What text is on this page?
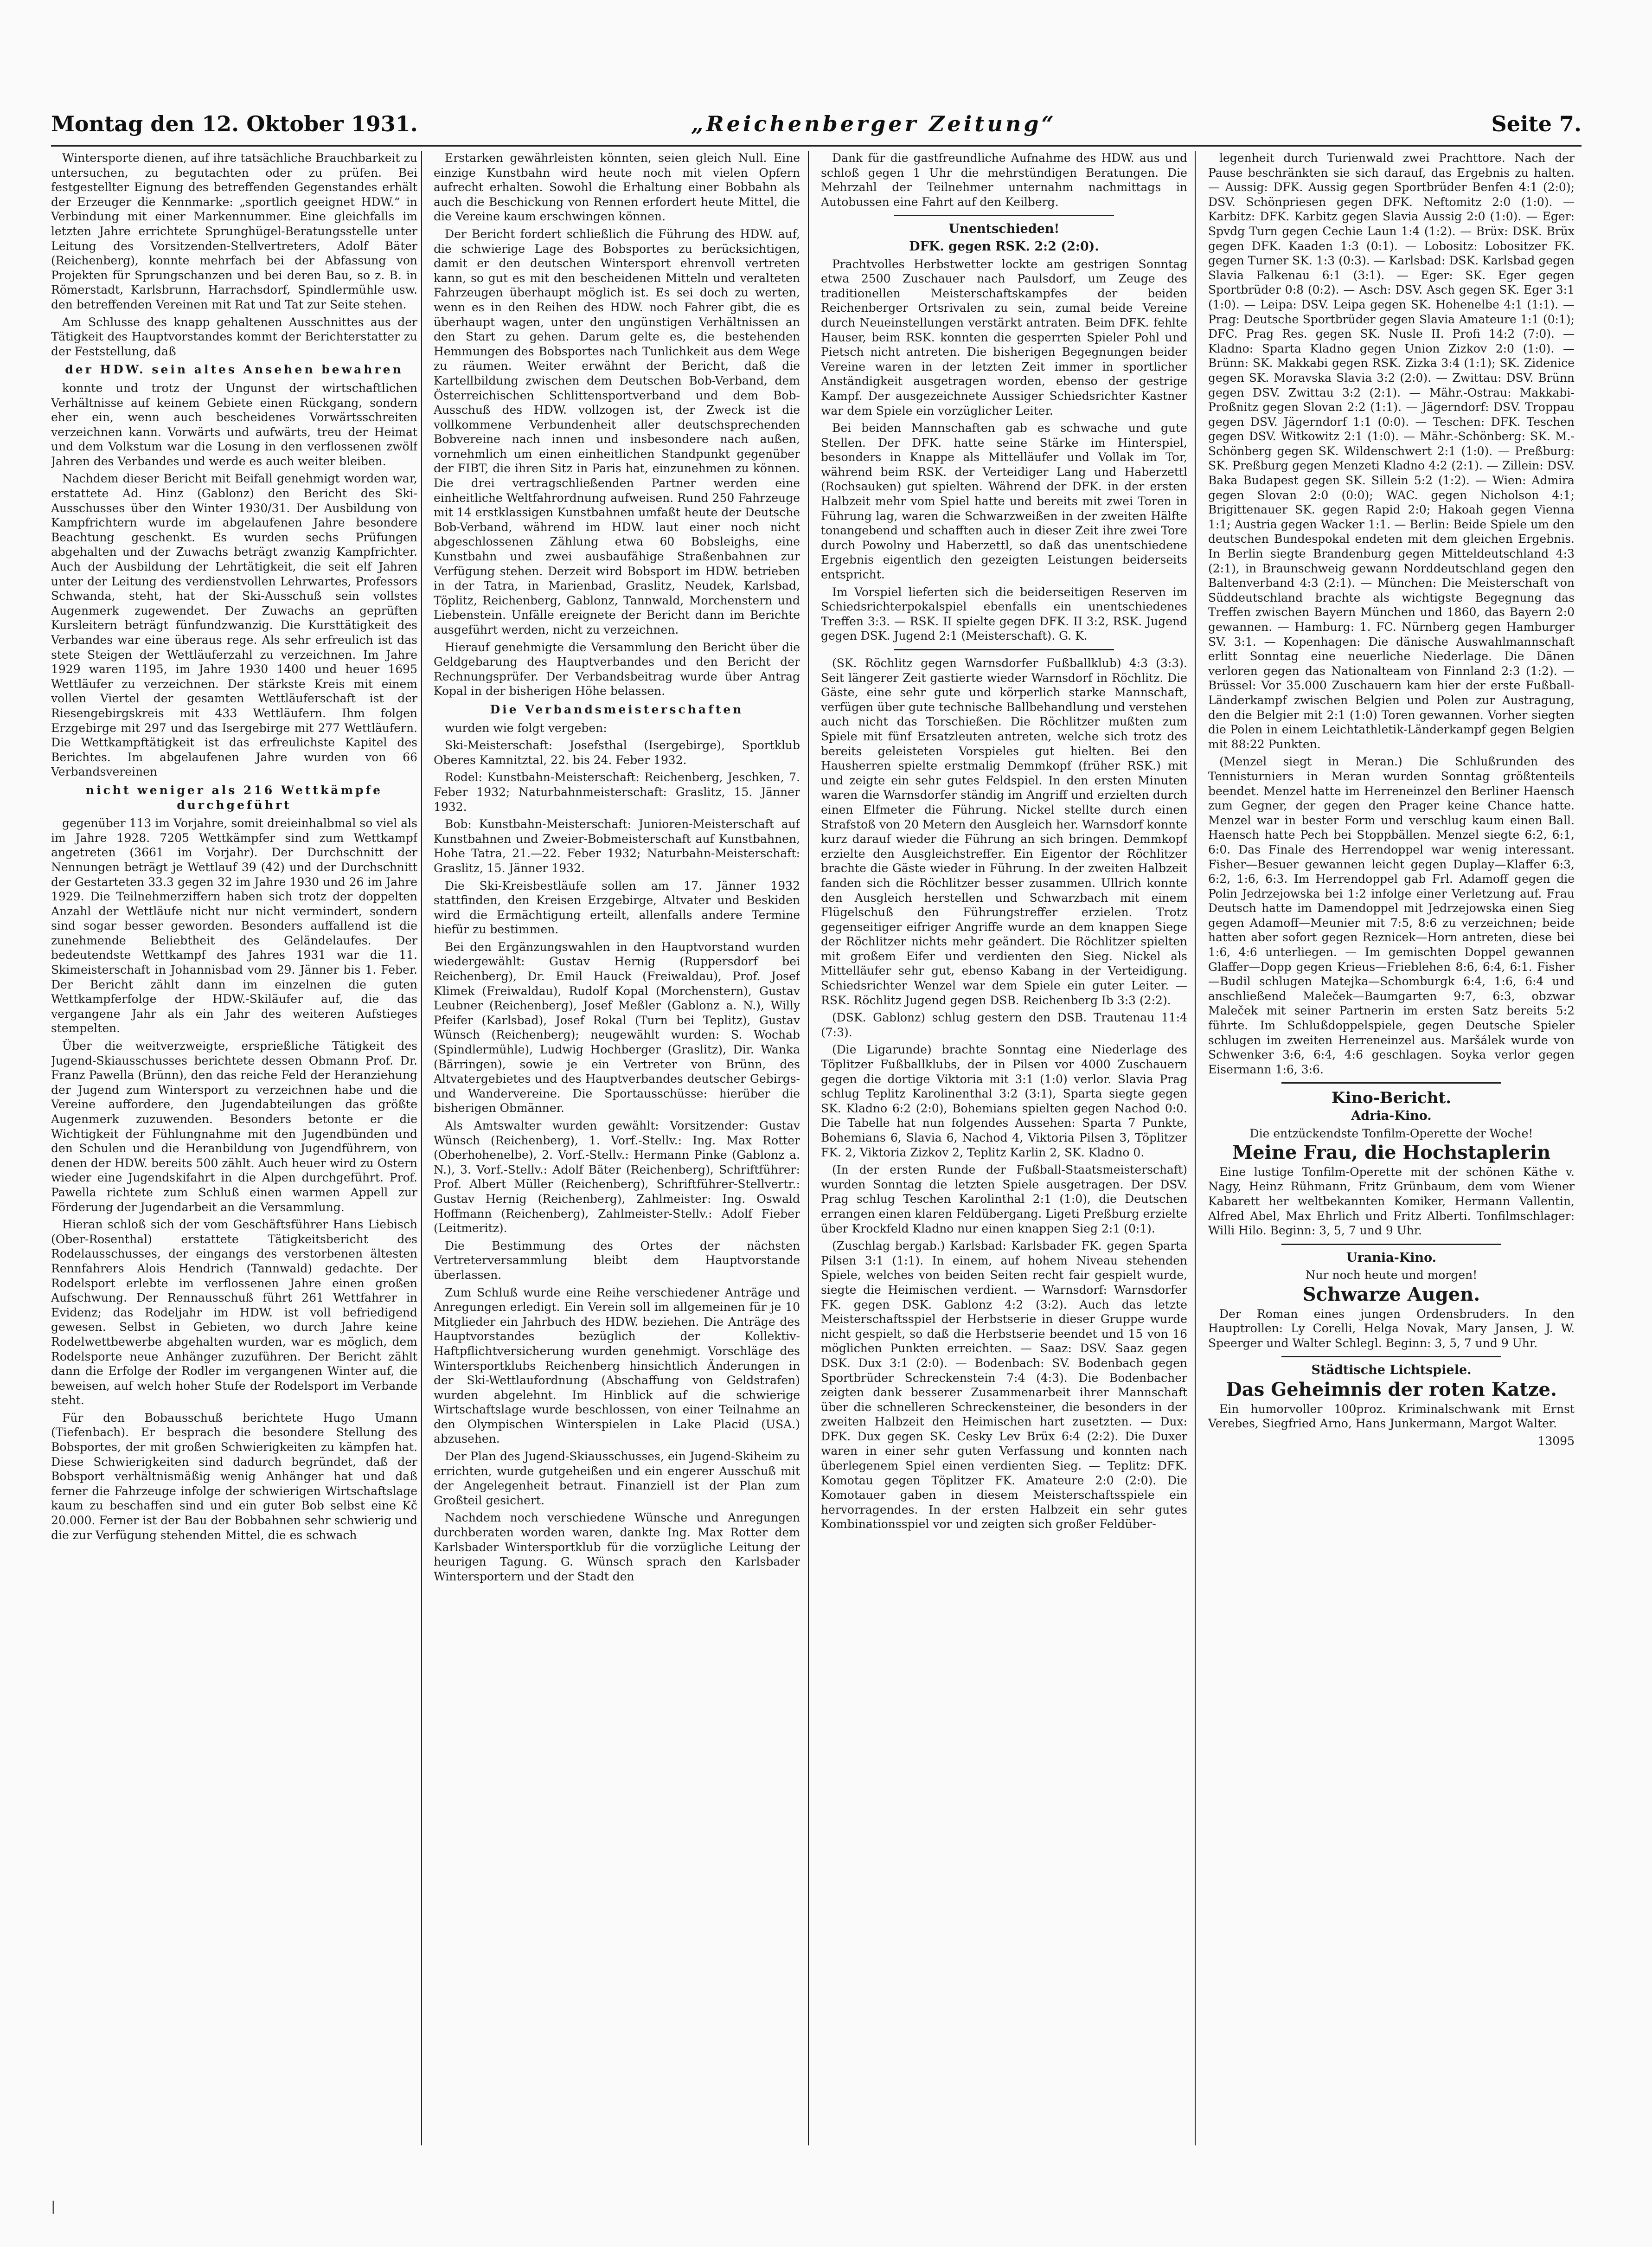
Montag den 12. Oktober 1931.	„Reichenberger Zeitung“	Seite 7.

Wintersporte dienen, auf ihre tatsächliche Brauchbarkeit zu untersuchen, zu begutachten oder zu prüfen. Bei festgestellter Eignung des betreffenden Gegenstandes erhält der Erzeuger die Kennmarke: „sportlich geeignet HDW.“ in Verbindung mit einer Markennummer. Eine gleichfalls im letzten Jahre errichtete Sprunghügel-Beratungsstelle unter Leitung des Vorsitzenden-Stellvertreters, Adolf Bäter (Reichenberg), konnte mehrfach bei der Abfassung von Projekten für Sprungschanzen und bei deren Bau, so z. B. in Römerstadt, Karlsbrunn, Harrachsdorf, Spindlermühle usw. den betreffenden Vereinen mit Rat und Tat zur Seite stehen.

Am Schlusse des knapp gehaltenen Ausschnittes aus der Tätigkeit des Hauptvorstandes kommt der Berichterstatter zu der Feststellung, daß

der HDW. sein altes Ansehen bewahren

konnte und trotz der Ungunst der wirtschaftlichen Verhältnisse auf keinem Gebiete einen Rückgang, sondern eher ein, wenn auch bescheidenes Vorwärtsschreiten verzeichnen kann. Vorwärts und aufwärts, treu der Heimat und dem Volkstum war die Losung in den verflossenen zwölf Jahren des Verbandes und werde es auch weiter bleiben.

Nachdem dieser Bericht mit Beifall genehmigt worden war, erstattete Ad. Hinz (Gablonz) den Bericht des Ski-Ausschusses über den Winter 1930/31. Der Ausbildung von Kampfrichtern wurde im abgelaufenen Jahre besondere Beachtung geschenkt. Es wurden sechs Prüfungen abgehalten und der Zuwachs beträgt zwanzig Kampfrichter. Auch der Ausbildung der Lehrtätigkeit, die seit elf Jahren unter der Leitung des verdienstvollen Lehrwartes, Professors Schwanda, steht, hat der Ski-Ausschuß sein vollstes Augenmerk zugewendet. Der Zuwachs an geprüften Kursleitern beträgt fünfundzwanzig. Die Kursttätigkeit des Verbandes war eine überaus rege. Als sehr erfreulich ist das stete Steigen der Wettläuferzahl zu verzeichnen. Im Jahre 1929 waren 1195, im Jahre 1930 1400 und heuer 1695 Wettläufer zu verzeichnen. Der stärkste Kreis mit einem vollen Viertel der gesamten Wettläuferschaft ist der Riesengebirgskreis mit 433 Wettläufern. Ihm folgen Erzgebirge mit 297 und das Isergebirge mit 277 Wettläufern. Die Wettkampftätigkeit ist das erfreulichste Kapitel des Berichtes. Im abgelaufenen Jahre wurden von 66 Verbandsvereinen

nicht weniger als 216 Wettkämpfe durchgeführt

gegenüber 113 im Vorjahre, somit dreieinhalbmal so viel als im Jahre 1928. 7205 Wettkämpfer sind zum Wettkampf angetreten (3661 im Vorjahr). Der Durchschnitt der Nennungen beträgt je Wettlauf 39 (42) und der Durchschnitt der Gestarteten 33.3 gegen 32 im Jahre 1930 und 26 im Jahre 1929. Die Teilnehmerziffern haben sich trotz der doppelten Anzahl der Wettläufe nicht nur nicht vermindert, sondern sind sogar besser geworden. Besonders auffallend ist die zunehmende Beliebtheit des Geländelaufes. Der bedeutendste Wettkampf des Jahres 1931 war die 11. Skimeisterschaft in Johannisbad vom 29. Jänner bis 1. Feber. Der Bericht zählt dann im einzelnen die guten Wettkampferfolge der HDW.-Skiläufer auf, die das vergangene Jahr als ein Jahr des weiteren Aufstieges stempelten.

Über die weitverzweigte, ersprießliche Tätigkeit des Jugend-Skiausschusses berichtete dessen Obmann Prof. Dr. Franz Pawella (Brünn), den das reiche Feld der Heranziehung der Jugend zum Wintersport zu verzeichnen habe und die Vereine auffordere, den Jugendabteilungen das größte Augenmerk zuzuwenden. Besonders betonte er die Wichtigkeit der Fühlungnahme mit den Jugendbünden und den Schulen und die Heranbildung von Jugendführern, von denen der HDW. bereits 500 zählt. Auch heuer wird zu Ostern wieder eine Jugendskifahrt in die Alpen durchgeführt. Prof. Pawella richtete zum Schluß einen warmen Appell zur Förderung der Jugendarbeit an die Versammlung.

Hieran schloß sich der vom Geschäftsführer Hans Liebisch (Ober-Rosenthal) erstattete Tätigkeitsbericht des Rodelausschusses, der eingangs des verstorbenen ältesten Rennfahrers Alois Hendrich (Tannwald) gedachte. Der Rodelsport erlebte im verflossenen Jahre einen großen Aufschwung. Der Rennausschuß führt 261 Wettfahrer in Evidenz; das Rodeljahr im HDW. ist voll befriedigend gewesen. Selbst in Gebieten, wo durch Jahre keine Rodelwettbewerbe abgehalten wurden, war es möglich, dem Rodelsporte neue Anhänger zuzuführen. Der Bericht zählt dann die Erfolge der Rodler im vergangenen Winter auf, die beweisen, auf welch hoher Stufe der Rodelsport im Verbande steht.

Für den Bobausschuß berichtete Hugo Umann (Tiefenbach). Er besprach die besondere Stellung des Bobsportes, der mit großen Schwierigkeiten zu kämpfen hat. Diese Schwierigkeiten sind dadurch begründet, daß der Bobsport verhältnismäßig wenig Anhänger hat und daß ferner die Fahrzeuge infolge der schwierigen Wirtschaftslage kaum zu beschaffen sind und ein guter Bob selbst eine Kč 20.000. Ferner ist der Bau der Bobbahnen sehr schwierig und die zur Verfügung stehenden Mittel, die es schwach

Erstarken gewährleisten könnten, seien gleich Null. Eine einzige Kunstbahn wird heute noch mit vielen Opfern aufrecht erhalten. Sowohl die Erhaltung einer Bobbahn als auch die Beschickung von Rennen erfordert heute Mittel, die die Vereine kaum erschwingen können.

Der Bericht fordert schließlich die Führung des HDW. auf, die schwierige Lage des Bobsportes zu berücksichtigen, damit er den deutschen Wintersport ehrenvoll vertreten kann, so gut es mit den bescheidenen Mitteln und veralteten Fahrzeugen überhaupt möglich ist. Es sei doch zu werten, wenn es in den Reihen des HDW. noch Fahrer gibt, die es überhaupt wagen, unter den ungünstigen Verhältnissen an den Start zu gehen. Darum gelte es, die bestehenden Hemmungen des Bobsportes nach Tunlichkeit aus dem Wege zu räumen. Weiter erwähnt der Bericht, daß die Kartellbildung zwischen dem Deutschen Bob-Verband, dem Österreichischen Schlittensportverband und dem Bob-Ausschuß des HDW. vollzogen ist, der Zweck ist die vollkommene Verbundenheit aller deutschsprechenden Bobvereine nach innen und insbesondere nach außen, vornehmlich um einen einheitlichen Standpunkt gegenüber der FIBT, die ihren Sitz in Paris hat, einzunehmen zu können. Die drei vertragschließenden Partner werden eine einheitliche Weltfahrordnung aufweisen. Rund 250 Fahrzeuge mit 14 erstklassigen Kunstbahnen umfaßt heute der Deutsche Bob-Verband, während im HDW. laut einer noch nicht abgeschlossenen Zählung etwa 60 Bobsleighs, eine Kunstbahn und zwei ausbaufähige Straßenbahnen zur Verfügung stehen. Derzeit wird Bobsport im HDW. betrieben in der Tatra, in Marienbad, Graslitz, Neudek, Karlsbad, Töplitz, Reichenberg, Gablonz, Tannwald, Morchenstern und Liebenstein. Unfälle ereignete der Bericht dann im Berichte ausgeführt werden, nicht zu verzeichnen.

Hierauf genehmigte die Versammlung den Bericht über die Geldgebarung des Hauptverbandes und den Bericht der Rechnungsprüfer. Der Verbandsbeitrag wurde über Antrag Kopal in der bisherigen Höhe belassen.

Die Verbandsmeisterschaften

wurden wie folgt vergeben:

Ski-Meisterschaft: Josefsthal (Isergebirge), Sportklub Oberes Kamnitztal, 22. bis 24. Feber 1932.

Rodel: Kunstbahn-Meisterschaft: Reichenberg, Jeschken, 7. Feber 1932; Naturbahnmeisterschaft: Graslitz, 15. Jänner 1932.

Bob: Kunstbahn-Meisterschaft: Junioren-Meisterschaft auf Kunstbahnen und Zweier-Bobmeisterschaft auf Kunstbahnen, Hohe Tatra, 21.—22. Feber 1932; Naturbahn-Meisterschaft: Graslitz, 15. Jänner 1932.

Die Ski-Kreisbestläufe sollen am 17. Jänner 1932 stattfinden, den Kreisen Erzgebirge, Altvater und Beskiden wird die Ermächtigung erteilt, allenfalls andere Termine hiefür zu bestimmen.

Bei den Ergänzungswahlen in den Hauptvorstand wurden wiedergewählt: Gustav Hernig (Ruppersdorf bei Reichenberg), Dr. Emil Hauck (Freiwaldau), Prof. Josef Klimek (Freiwaldau), Rudolf Kopal (Morchenstern), Gustav Leubner (Reichenberg), Josef Meßler (Gablonz a. N.), Willy Pfeifer (Karlsbad), Josef Rokal (Turn bei Teplitz), Gustav Wünsch (Reichenberg); neugewählt wurden: S. Wochab (Spindlermühle), Ludwig Hochberger (Graslitz), Dir. Wanka (Bärringen), sowie je ein Vertreter von Brünn, des Altvatergebietes und des Hauptverbandes deutscher Gebirgs- und Wandervereine. Die Sportausschüsse: hierüber die bisherigen Obmänner.

Als Amtswalter wurden gewählt: Vorsitzender: Gustav Wünsch (Reichenberg), 1. Vorf.-Stellv.: Ing. Max Rotter (Oberhohenelbe), 2. Vorf.-Stellv.: Hermann Pinke (Gablonz a. N.), 3. Vorf.-Stellv.: Adolf Bäter (Reichenberg), Schriftführer: Prof. Albert Müller (Reichenberg), Schriftführer-Stellvertr.: Gustav Hernig (Reichenberg), Zahlmeister: Ing. Oswald Hoffmann (Reichenberg), Zahlmeister-Stellv.: Adolf Fieber (Leitmeritz).

Die Bestimmung des Ortes der nächsten Vertreterversammlung bleibt dem Hauptvorstande überlassen.

Zum Schluß wurde eine Reihe verschiedener Anträge und Anregungen erledigt. Ein Verein soll im allgemeinen für je 10 Mitglieder ein Jahrbuch des HDW. beziehen. Die Anträge des Hauptvorstandes bezüglich der Kollektiv-Haftpflichtversicherung wurden genehmigt. Vorschläge des Wintersportklubs Reichenberg hinsichtlich Änderungen in der Ski-Wettlaufordnung (Abschaffung von Geldstrafen) wurden abgelehnt. Im Hinblick auf die schwierige Wirtschaftslage wurde beschlossen, von einer Teilnahme an den Olympischen Winterspielen in Lake Placid (USA.) abzusehen.

Der Plan des Jugend-Skiausschusses, ein Jugend-Skiheim zu errichten, wurde gutgeheißen und ein engerer Ausschuß mit der Angelegenheit betraut. Finanziell ist der Plan zum Großteil gesichert.

Nachdem noch verschiedene Wünsche und Anregungen durchberaten worden waren, dankte Ing. Max Rotter dem Karlsbader Wintersportklub für die vorzügliche Leitung der heurigen Tagung. G. Wünsch sprach den Karlsbader Wintersportern und der Stadt den

Dank für die gastfreundliche Aufnahme des HDW. aus und schloß gegen 1 Uhr die mehrstündigen Beratungen. Die Mehrzahl der Teilnehmer unternahm nachmittags in Autobussen eine Fahrt auf den Keilberg.

Unentschieden!

DFK. gegen RSK. 2:2 (2:0).

Prachtvolles Herbstwetter lockte am gestrigen Sonntag etwa 2500 Zuschauer nach Paulsdorf, um Zeuge des traditionellen Meisterschaftskampfes der beiden Reichenberger Ortsrivalen zu sein, zumal beide Vereine durch Neueinstellungen verstärkt antraten. Beim DFK. fehlte Hauser, beim RSK. konnten die gesperrten Spieler Pohl und Pietsch nicht antreten. Die bisherigen Begegnungen beider Vereine waren in der letzten Zeit immer in sportlicher Anständigkeit ausgetragen worden, ebenso der gestrige Kampf. Der ausgezeichnete Aussiger Schiedsrichter Kastner war dem Spiele ein vorzüglicher Leiter.

Bei beiden Mannschaften gab es schwache und gute Stellen. Der DFK. hatte seine Stärke im Hinterspiel, besonders in Knappe als Mittelläufer und Vollak im Tor, während beim RSK. der Verteidiger Lang und Haberzettl (Rochsauken) gut spielten. Während der DFK. in der ersten Halbzeit mehr vom Spiel hatte und bereits mit zwei Toren in Führung lag, waren die Schwarzweißen in der zweiten Hälfte tonangebend und schafften auch in dieser Zeit ihre zwei Tore durch Powolny und Haberzettl, so daß das unentschiedene Ergebnis eigentlich den gezeigten Leistungen beiderseits entspricht.

Im Vorspiel lieferten sich die beiderseitigen Reserven im Schiedsrichterpokalspiel ebenfalls ein unentschiedenes Treffen 3:3. — RSK. II spielte gegen DFK. II 3:2, RSK. Jugend gegen DSK. Jugend 2:1 (Meisterschaft). G. K.

(SK. Röchlitz gegen Warnsdorfer Fußballklub) 4:3 (3:3). Seit längerer Zeit gastierte wieder Warnsdorf in Röchlitz. Die Gäste, eine sehr gute und körperlich starke Mannschaft, verfügen über gute technische Ballbehandlung und verstehen auch nicht das Torschießen. Die Röchlitzer mußten zum Spiele mit fünf Ersatzleuten antreten, welche sich trotz des bereits geleisteten Vorspieles gut hielten. Bei den Hausherren spielte erstmalig Demmkopf (früher RSK.) mit und zeigte ein sehr gutes Feldspiel. In den ersten Minuten waren die Warnsdorfer ständig im Angriff und erzielten durch einen Elfmeter die Führung. Nickel stellte durch einen Strafstoß von 20 Metern den Ausgleich her. Warnsdorf konnte kurz darauf wieder die Führung an sich bringen. Demmkopf erzielte den Ausgleichstreffer. Ein Eigentor der Röchlitzer brachte die Gäste wieder in Führung. In der zweiten Halbzeit fanden sich die Röchlitzer besser zusammen. Ullrich konnte den Ausgleich herstellen und Schwarzbach mit einem Flügelschuß den Führungstreffer erzielen. Trotz gegenseitiger eifriger Angriffe wurde an dem knappen Siege der Röchlitzer nichts mehr geändert. Die Röchlitzer spielten mit großem Eifer und verdienten den Sieg. Nickel als Mittelläufer sehr gut, ebenso Kabang in der Verteidigung. Schiedsrichter Wenzel war dem Spiele ein guter Leiter. — RSK. Röchlitz Jugend gegen DSB. Reichenberg Ib 3:3 (2:2).

(DSK. Gablonz) schlug gestern den DSB. Trautenau 11:4 (7:3).

(Die Ligarunde) brachte Sonntag eine Niederlage des Töplitzer Fußballklubs, der in Pilsen vor 4000 Zuschauern gegen die dortige Viktoria mit 3:1 (1:0) verlor. Slavia Prag schlug Teplitz Karolinenthal 3:2 (3:1), Sparta siegte gegen SK. Kladno 6:2 (2:0), Bohemians spielten gegen Nachod 0:0. Die Tabelle hat nun folgendes Aussehen: Sparta 7 Punkte, Bohemians 6, Slavia 6, Nachod 4, Viktoria Pilsen 3, Töplitzer FK. 2, Viktoria Zizkov 2, Teplitz Karlin 2, SK. Kladno 0.

(In der ersten Runde der Fußball-Staatsmeisterschaft) wurden Sonntag die letzten Spiele ausgetragen. Der DSV. Prag schlug Teschen Karolinthal 2:1 (1:0), die Deutschen errangen einen klaren Feldübergang. Ligeti Preßburg erzielte über Krockfeld Kladno nur einen knappen Sieg 2:1 (0:1).

(Zuschlag bergab.) Karlsbad: Karlsbader FK. gegen Sparta Pilsen 3:1 (1:1). In einem, auf hohem Niveau stehenden Spiele, welches von beiden Seiten recht fair gespielt wurde, siegte die Heimischen verdient. — Warnsdorf: Warnsdorfer FK. gegen DSK. Gablonz 4:2 (3:2). Auch das letzte Meisterschaftsspiel der Herbstserie in dieser Gruppe wurde nicht gespielt, so daß die Herbstserie beendet und 15 von 16 möglichen Punkten erreichten. — Saaz: DSV. Saaz gegen DSK. Dux 3:1 (2:0). — Bodenbach: SV. Bodenbach gegen Sportbrüder Schreckenstein 7:4 (4:3). Die Bodenbacher zeigten dank besserer Zusammenarbeit ihrer Mannschaft über die schnelleren Schreckensteiner, die besonders in der zweiten Halbzeit den Heimischen hart zusetzten. — Dux: DFK. Dux gegen SK. Cesky Lev Brüx 6:4 (2:2). Die Duxer waren in einer sehr guten Verfassung und konnten nach überlegenem Spiel einen verdienten Sieg. — Teplitz: DFK. Komotau gegen Töplitzer FK. Amateure 2:0 (2:0). Die Komotauer gaben in diesem Meisterschaftsspiele ein hervorragendes. In der ersten Halbzeit ein sehr gutes Kombinationsspiel vor und zeigten sich großer Feldüber-

legenheit durch Turienwald zwei Prachttore. Nach der Pause beschränkten sie sich darauf, das Ergebnis zu halten. — Aussig: DFK. Aussig gegen Sportbrüder Benfen 4:1 (2:0); DSV. Schönpriesen gegen DFK. Neftomitz 2:0 (1:0). — Karbitz: DFK. Karbitz gegen Slavia Aussig 2:0 (1:0). — Eger: Spvdg Turn gegen Cechie Laun 1:4 (1:2). — Brüx: DSK. Brüx gegen DFK. Kaaden 1:3 (0:1). — Lobositz: Lobositzer FK. gegen Turner SK. 1:3 (0:3). — Karlsbad: DSK. Karlsbad gegen Slavia Falkenau 6:1 (3:1). — Eger: SK. Eger gegen Sportbrüder 0:8 (0:2). — Asch: DSV. Asch gegen SK. Eger 3:1 (1:0). — Leipa: DSV. Leipa gegen SK. Hohenelbe 4:1 (1:1). — Prag: Deutsche Sportbrüder gegen Slavia Amateure 1:1 (0:1); DFC. Prag Res. gegen SK. Nusle II. Profi 14:2 (7:0). — Kladno: Sparta Kladno gegen Union Zizkov 2:0 (1:0). — Brünn: SK. Makkabi gegen RSK. Zizka 3:4 (1:1); SK. Zidenice gegen SK. Moravska Slavia 3:2 (2:0). — Zwittau: DSV. Brünn gegen DSV. Zwittau 3:2 (2:1). — Mähr.-Ostrau: Makkabi-Proßnitz gegen Slovan 2:2 (1:1). — Jägerndorf: DSV. Troppau gegen DSV. Jägerndorf 1:1 (0:0). — Teschen: DFK. Teschen gegen DSV. Witkowitz 2:1 (1:0). — Mähr.-Schönberg: SK. M.-Schönberg gegen SK. Wildenschwert 2:1 (1:0). — Preßburg: SK. Preßburg gegen Menzeti Kladno 4:2 (2:1). — Zillein: DSV. Baka Budapest gegen SK. Sillein 5:2 (1:2). — Wien: Admira gegen Slovan 2:0 (0:0); WAC. gegen Nicholson 4:1; Brigittenauer SK. gegen Rapid 2:0; Hakoah gegen Vienna 1:1; Austria gegen Wacker 1:1. — Berlin: Beide Spiele um den deutschen Bundespokal endeten mit dem gleichen Ergebnis. In Berlin siegte Brandenburg gegen Mitteldeutschland 4:3 (2:1), in Braunschweig gewann Norddeutschland gegen den Baltenverband 4:3 (2:1). — München: Die Meisterschaft von Süddeutschland brachte als wichtigste Begegnung das Treffen zwischen Bayern München und 1860, das Bayern 2:0 gewannen. — Hamburg: 1. FC. Nürnberg gegen Hamburger SV. 3:1. — Kopenhagen: Die dänische Auswahlmannschaft erlitt Sonntag eine neuerliche Niederlage. Die Dänen verloren gegen das Nationalteam von Finnland 2:3 (1:2). — Brüssel: Vor 35.000 Zuschauern kam hier der erste Fußball-Länderkampf zwischen Belgien und Polen zur Austragung, den die Belgier mit 2:1 (1:0) Toren gewannen. Vorher siegten die Polen in einem Leichtathletik-Länderkampf gegen Belgien mit 88:22 Punkten.

(Menzel siegt in Meran.) Die Schlußrunden des Tennisturniers in Meran wurden Sonntag größtenteils beendet. Menzel hatte im Herreneinzel den Berliner Haensch zum Gegner, der gegen den Prager keine Chance hatte. Menzel war in bester Form und verschlug kaum einen Ball. Haensch hatte Pech bei Stoppbällen. Menzel siegte 6:2, 6:1, 6:0. Das Finale des Herrendoppel war wenig interessant. Fisher—Besuer gewannen leicht gegen Duplay—Klaffer 6:3, 6:2, 1:6, 6:3. Im Herrendoppel gab Frl. Adamoff gegen die Polin Jedrzejowska bei 1:2 infolge einer Verletzung auf. Frau Deutsch hatte im Damendoppel mit Jedrzejowska einen Sieg gegen Adamoff—Meunier mit 7:5, 8:6 zu verzeichnen; beide hatten aber sofort gegen Reznicek—Horn antreten, diese bei 1:6, 4:6 unterliegen. — Im gemischten Doppel gewannen Glaffer—Dopp gegen Krieus—Frieblehen 8:6, 6:4, 6:1. Fisher—Budil schlugen Matejka—Schomburgk 6:4, 1:6, 6:4 und anschließend Maleček—Baumgarten 9:7, 6:3, obzwar Maleček mit seiner Partnerin im ersten Satz bereits 5:2 führte. Im Schlußdoppelspiele, gegen Deutsche Spieler schlugen im zweiten Herreneinzel aus. Maršálek wurde von Schwenker 3:6, 6:4, 4:6 geschlagen. Soyka verlor gegen Eisermann 1:6, 3:6.

Kino-Bericht.

Adria-Kino.

Die entzückendste Tonfilm-Operette der Woche!

Meine Frau, die Hochstaplerin

Eine lustige Tonfilm-Operette mit der schönen Käthe v. Nagy, Heinz Rühmann, Fritz Grünbaum, dem vom Wiener Kabarett her weltbekannten Komiker, Hermann Vallentin, Alfred Abel, Max Ehrlich und Fritz Alberti. Tonfilmschlager: Willi Hilo. Beginn: 3, 5, 7 und 9 Uhr.

Urania-Kino.

Nur noch heute und morgen!

Schwarze Augen.

Der Roman eines jungen Ordensbruders. In den Hauptrollen: Ly Corelli, Helga Novak, Mary Jansen, J. W. Speerger und Walter Schlegl. Beginn: 3, 5, 7 und 9 Uhr.

Städtische Lichtspiele.

Das Geheimnis der roten Katze.

Ein humorvoller 100proz. Kriminalschwank mit Ernst Verebes, Siegfried Arno, Hans Junkermann, Margot Walter.

13095

|
